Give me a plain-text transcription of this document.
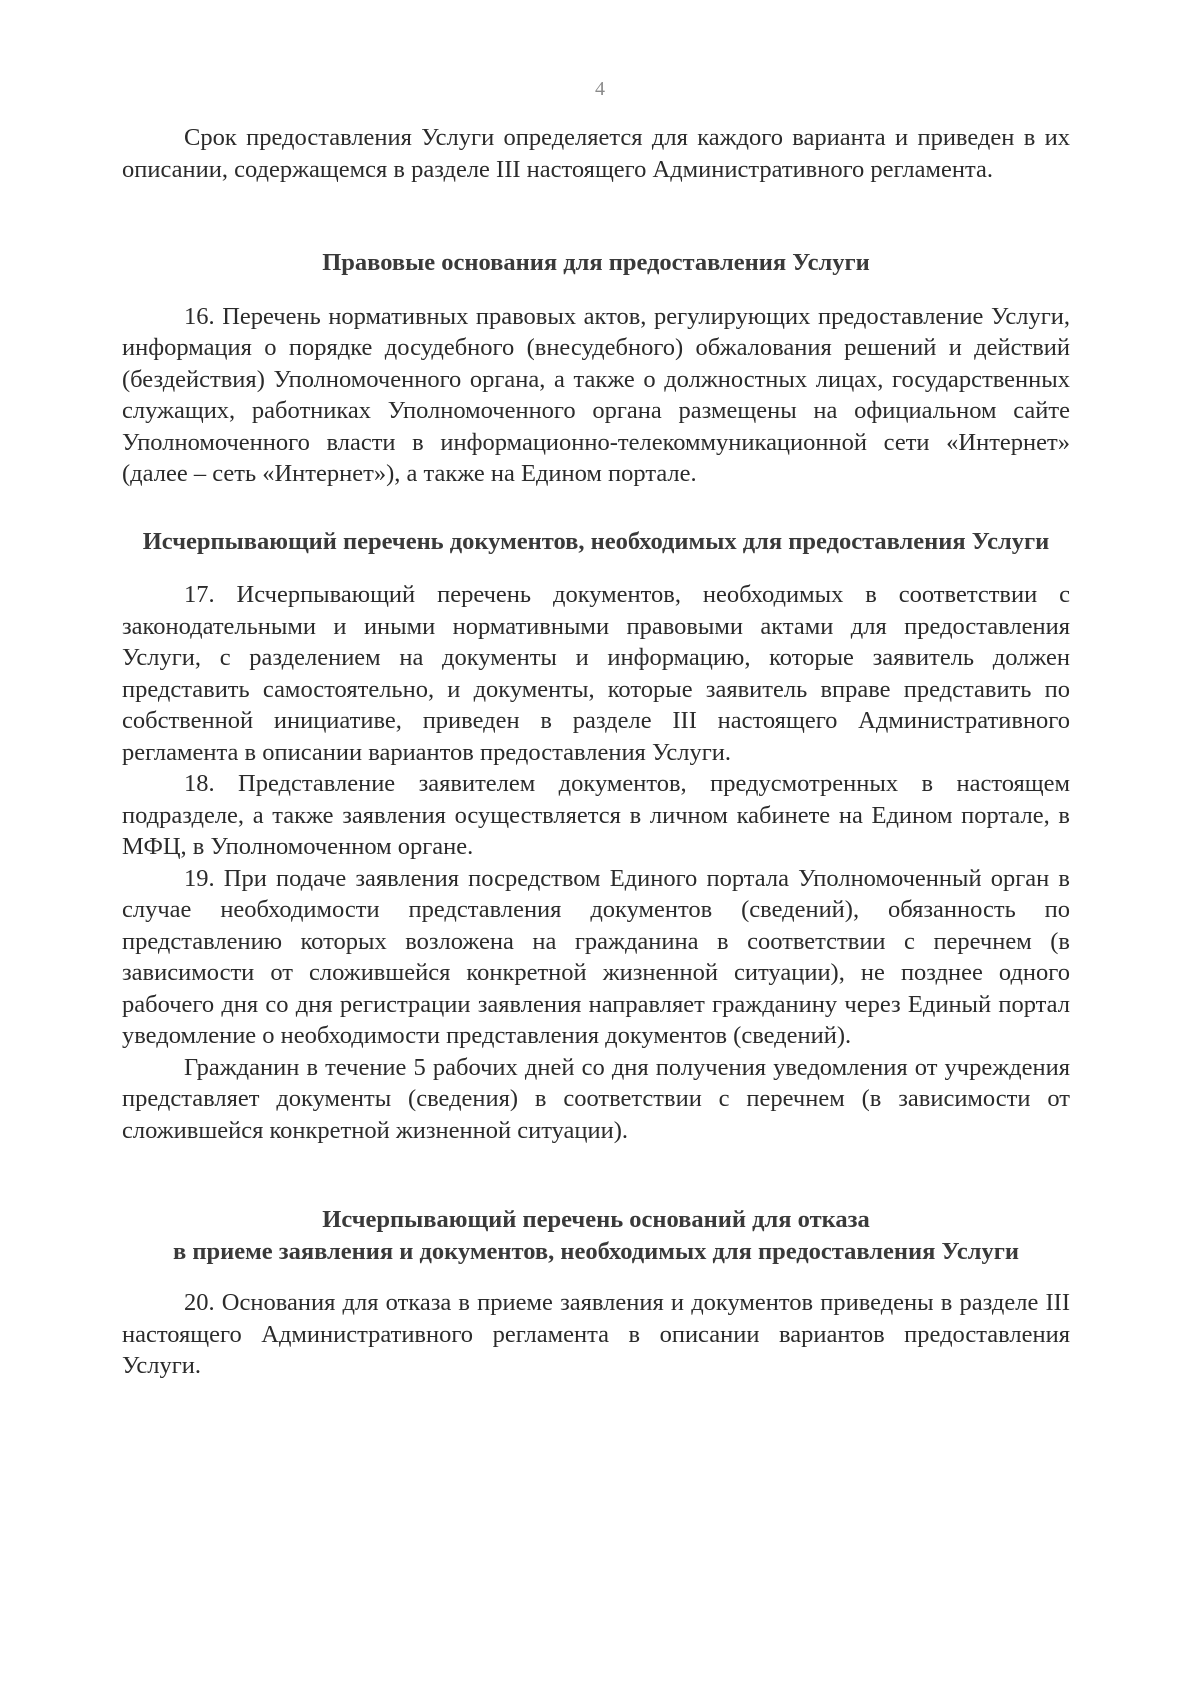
4

Срок предоставления Услуги определяется для каждого варианта и приведен в их описании, содержащемся в разделе III настоящего Административного регламента.

Правовые основания для предоставления Услуги

16. Перечень нормативных правовых актов, регулирующих предоставление Услуги, информация о порядке досудебного (внесудебного) обжалования решений и действий (бездействия) Уполномоченного органа, а также о должностных лицах, государственных служащих, работниках Уполномоченного органа размещены на официальном сайте Уполномоченного власти в информационно-телекоммуникационной сети «Интернет» (далее – сеть «Интернет»), а также на Едином портале.

Исчерпывающий перечень документов, необходимых для предоставления Услуги

17. Исчерпывающий перечень документов, необходимых в соответствии с законодательными и иными нормативными правовыми актами для предоставления Услуги, с разделением на документы и информацию, которые заявитель должен представить самостоятельно, и документы, которые заявитель вправе представить по собственной инициативе, приведен в разделе III настоящего Административного регламента в описании вариантов предоставления Услуги.

18. Представление заявителем документов, предусмотренных в настоящем подразделе, а также заявления осуществляется в личном кабинете на Едином портале, в МФЦ, в Уполномоченном органе.

19. При подаче заявления посредством Единого портала Уполномоченный орган в случае необходимости представления документов (сведений), обязанность по представлению которых возложена на гражданина в соответствии с перечнем (в зависимости от сложившейся конкретной жизненной ситуации), не позднее одного рабочего дня со дня регистрации заявления направляет гражданину через Единый портал уведомление о необходимости представления документов (сведений).

Гражданин в течение 5 рабочих дней со дня получения уведомления от учреждения представляет документы (сведения) в соответствии с перечнем (в зависимости от сложившейся конкретной жизненной ситуации).

Исчерпывающий перечень оснований для отказа
в приеме заявления и документов, необходимых для предоставления Услуги

20. Основания для отказа в приеме заявления и документов приведены в разделе III настоящего Административного регламента в описании вариантов предоставления Услуги.
